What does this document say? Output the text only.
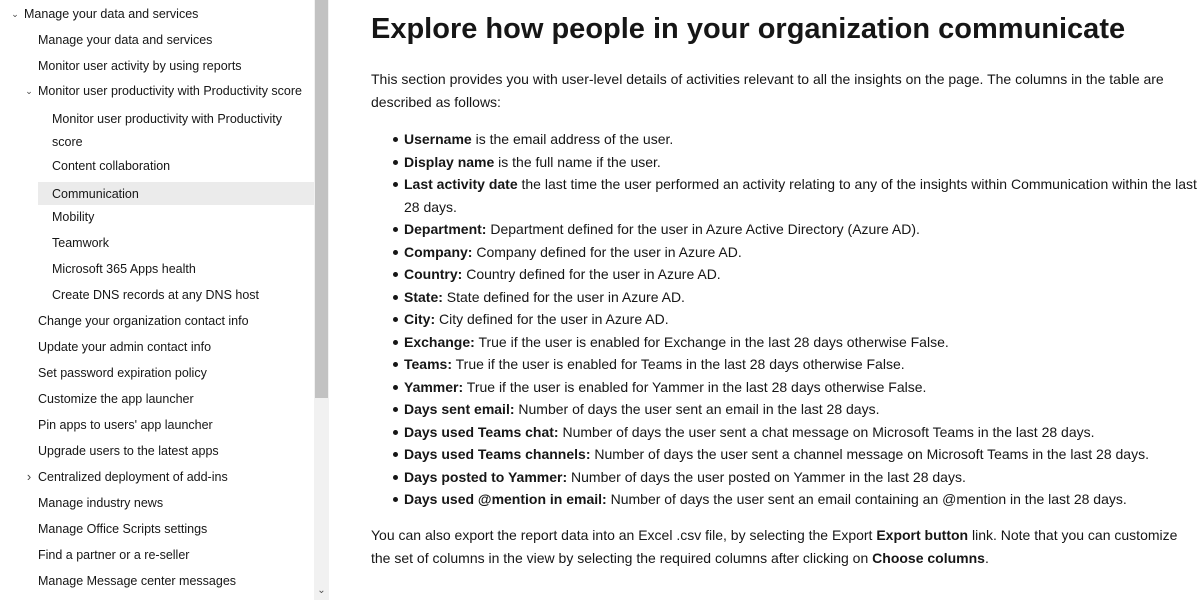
⌄ Manage your data and services
Manage your data and services
Monitor user activity by using reports
⌄ Monitor user productivity with Productivity score
Monitor user productivity with Productivity score
Content collaboration
Communication
Mobility
Teamwork
Microsoft 365 Apps health
Create DNS records at any DNS host
Change your organization contact info
Update your admin contact info
Set password expiration policy
Customize the app launcher
Pin apps to users' app launcher
Upgrade users to the latest apps
› Centralized deployment of add-ins
Manage industry news
Manage Office Scripts settings
Find a partner or a re-seller
Manage Message center messages
⌄
Explore how people in your organization communicate

This section provides you with user-level details of activities relevant to all the insights on the page. The columns in the table are described as follows:

Username is the email address of the user.
Display name is the full name if the user.
Last activity date the last time the user performed an activity relating to any of the insights within Communication within the last 28 days.
Department: Department defined for the user in Azure Active Directory (Azure AD).
Company: Company defined for the user in Azure AD.
Country: Country defined for the user in Azure AD.
State: State defined for the user in Azure AD.
City: City defined for the user in Azure AD.
Exchange: True if the user is enabled for Exchange in the last 28 days otherwise False.
Teams: True if the user is enabled for Teams in the last 28 days otherwise False.
Yammer: True if the user is enabled for Yammer in the last 28 days otherwise False.
Days sent email: Number of days the user sent an email in the last 28 days.
Days used Teams chat: Number of days the user sent a chat message on Microsoft Teams in the last 28 days.
Days used Teams channels: Number of days the user sent a channel message on Microsoft Teams in the last 28 days.
Days posted to Yammer: Number of days the user posted on Yammer in the last 28 days.
Days used @mention in email: Number of days the user sent an email containing an @mention in the last 28 days.

You can also export the report data into an Excel .csv file, by selecting the Export Export button link. Note that you can customize the set of columns in the view by selecting the required columns after clicking on Choose columns.
